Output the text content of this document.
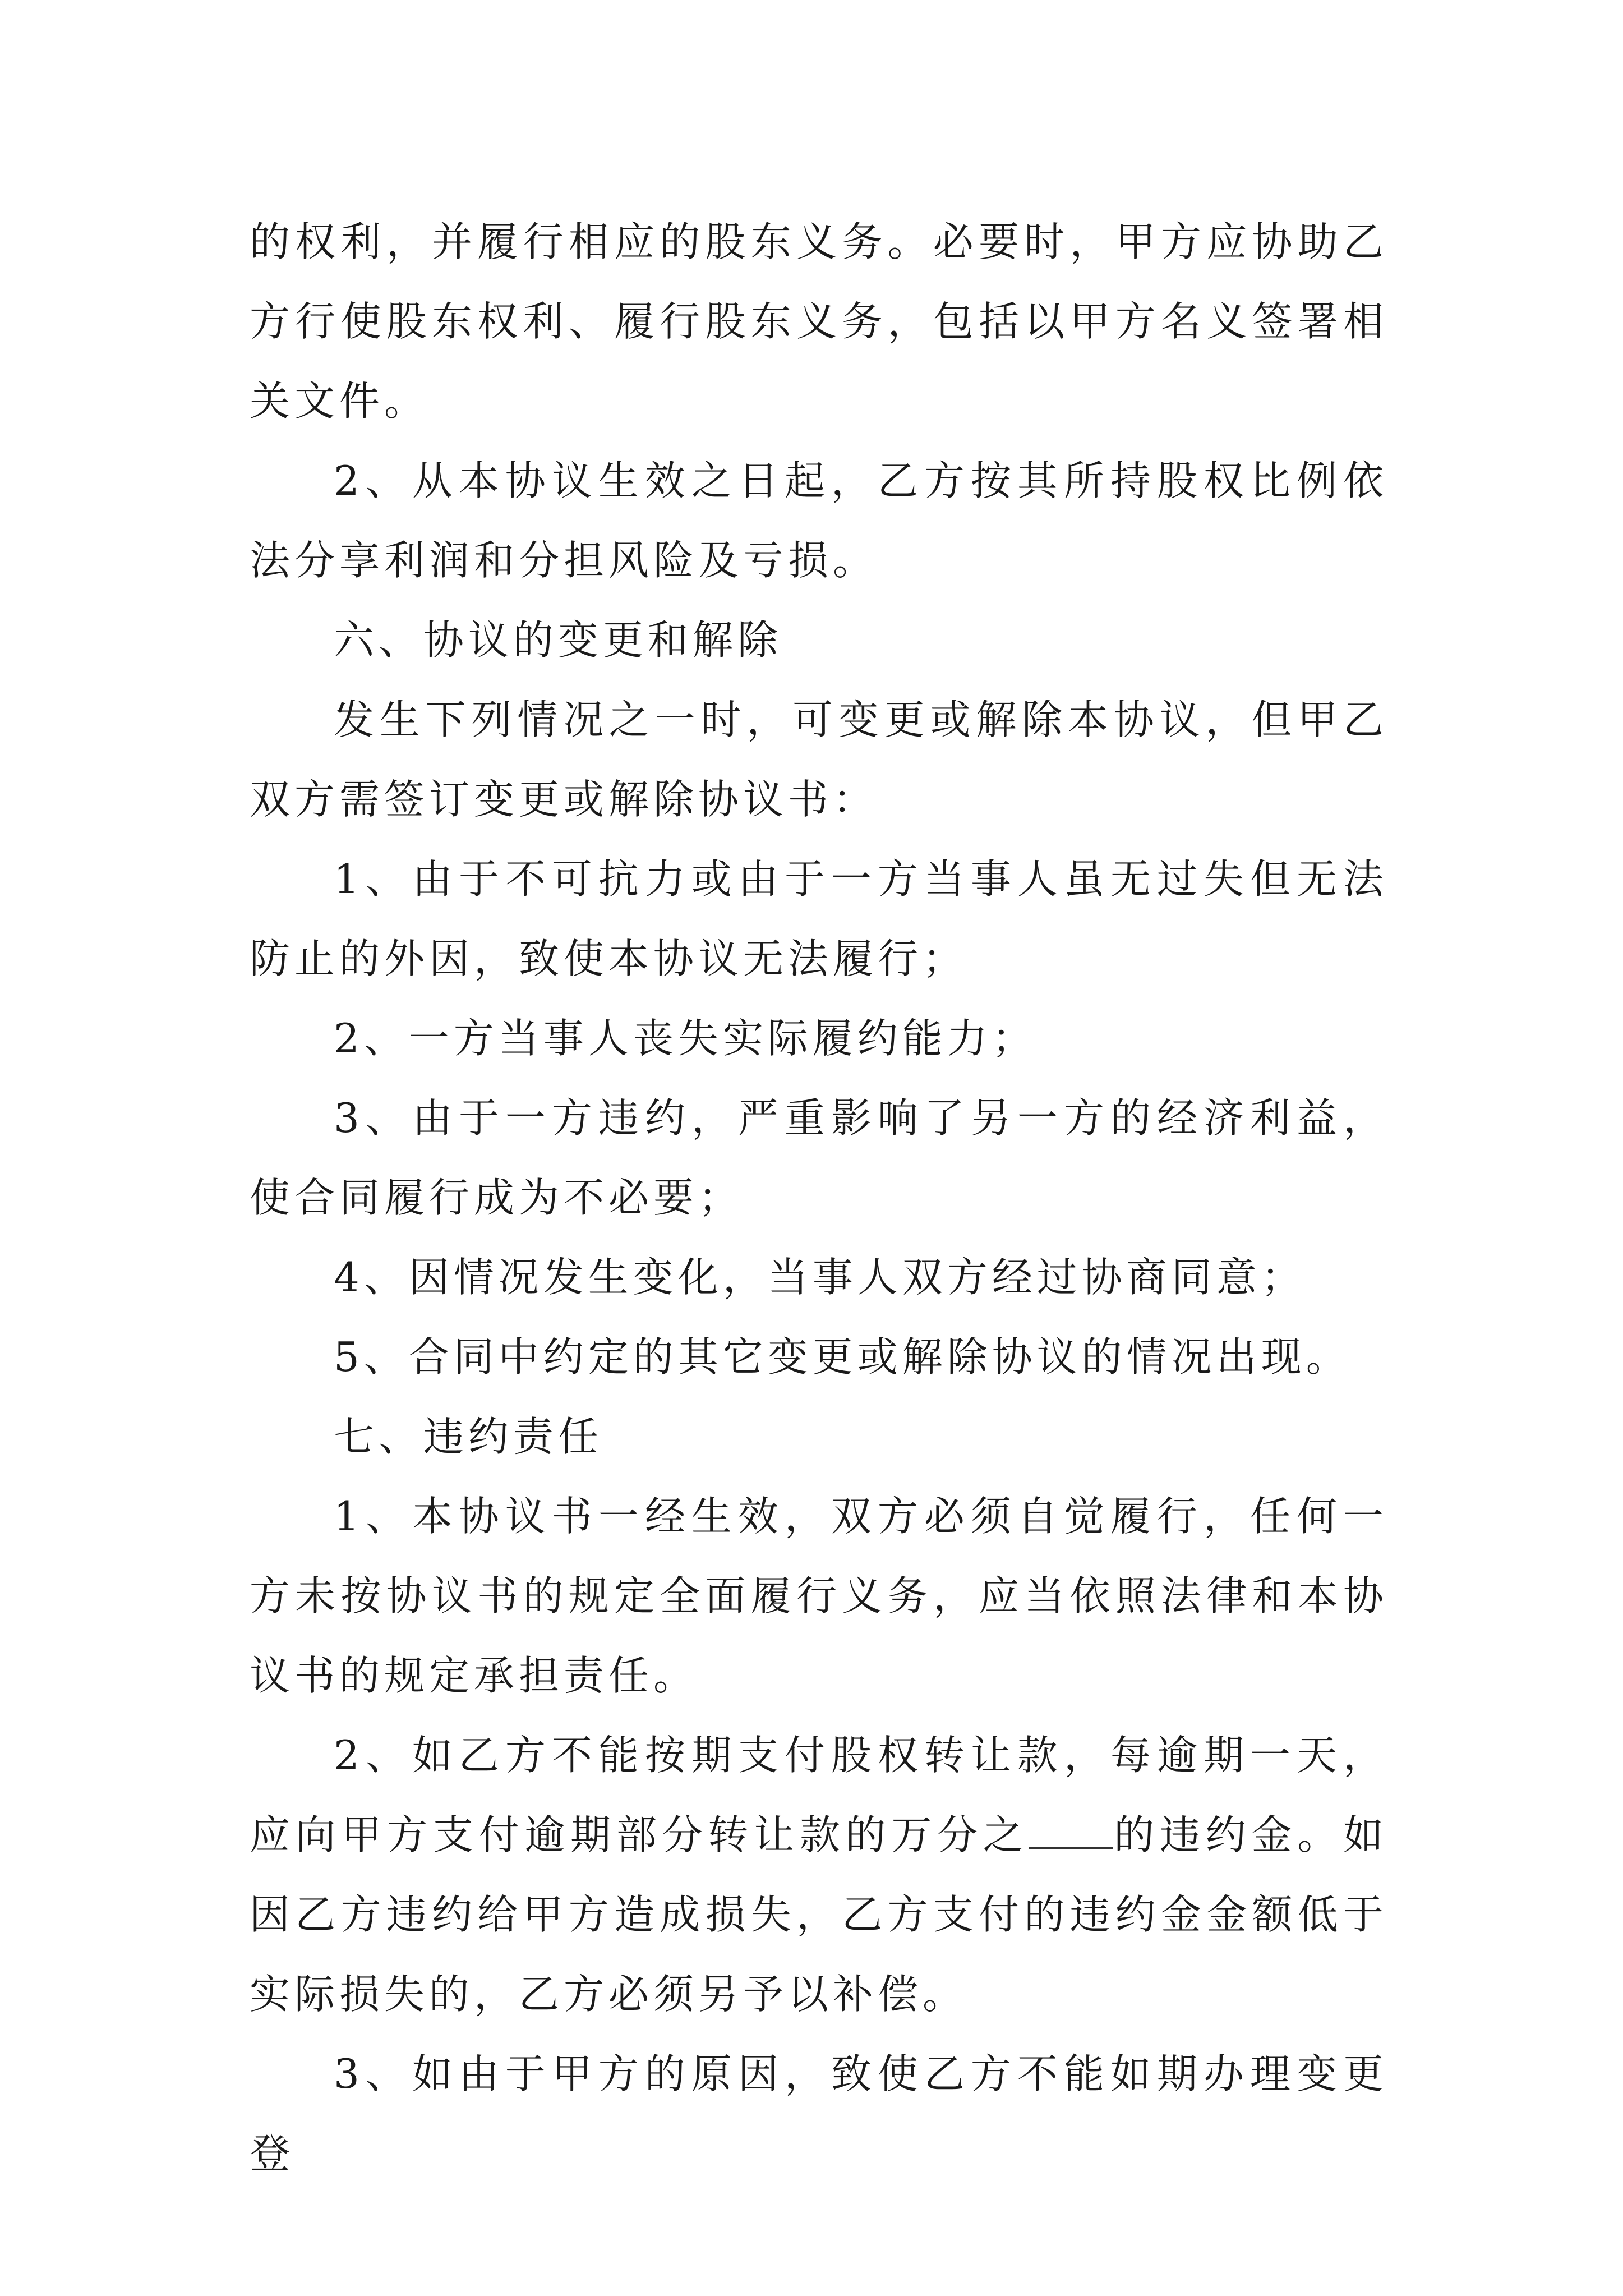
的权利，并履行相应的股东义务。必要时，甲方应协助乙方行使股东权利、履行股东义务，包括以甲方名义签署相关文件。

2、从本协议生效之日起，乙方按其所持股权比例依法分享利润和分担风险及亏损。

六、协议的变更和解除

发生下列情况之一时，可变更或解除本协议，但甲乙双方需签订变更或解除协议书：

1、由于不可抗力或由于一方当事人虽无过失但无法防止的外因，致使本协议无法履行；

2、一方当事人丧失实际履约能力；

3、由于一方违约，严重影响了另一方的经济利益，使合同履行成为不必要；

4、因情况发生变化，当事人双方经过协商同意；

5、合同中约定的其它变更或解除协议的情况出现。

七、违约责任

1、本协议书一经生效，双方必须自觉履行，任何一方未按协议书的规定全面履行义务，应当依照法律和本协议书的规定承担责任。

2、如乙方不能按期支付股权转让款，每逾期一天，应向甲方支付逾期部分转让款的万分之 的违约金。如因乙方违约给甲方造成损失，乙方支付的违约金金额低于实际损失的，乙方必须另予以补偿。

3、如由于甲方的原因，致使乙方不能如期办理变更登
